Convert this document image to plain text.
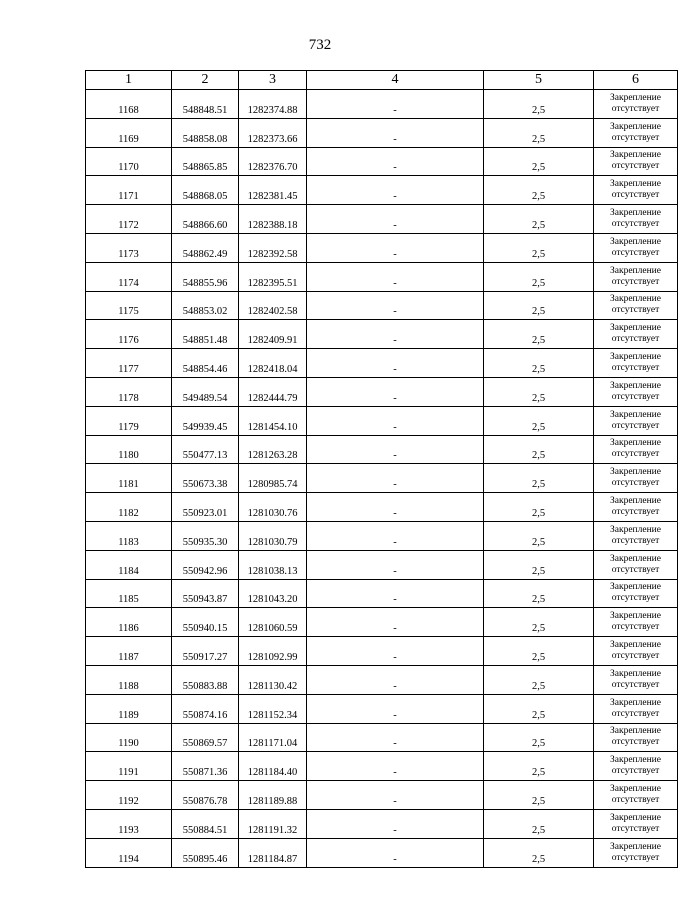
732
1	2	3	4	5	6
1168	548848.51	1282374.88	-	2,5	Закрепление отсутствует
1169	548858.08	1282373.66	-	2,5	Закрепление отсутствует
1170	548865.85	1282376.70	-	2,5	Закрепление отсутствует
1171	548868.05	1282381.45	-	2,5	Закрепление отсутствует
1172	548866.60	1282388.18	-	2,5	Закрепление отсутствует
1173	548862.49	1282392.58	-	2,5	Закрепление отсутствует
1174	548855.96	1282395.51	-	2,5	Закрепление отсутствует
1175	548853.02	1282402.58	-	2,5	Закрепление отсутствует
1176	548851.48	1282409.91	-	2,5	Закрепление отсутствует
1177	548854.46	1282418.04	-	2,5	Закрепление отсутствует
1178	549489.54	1282444.79	-	2,5	Закрепление отсутствует
1179	549939.45	1281454.10	-	2,5	Закрепление отсутствует
1180	550477.13	1281263.28	-	2,5	Закрепление отсутствует
1181	550673.38	1280985.74	-	2,5	Закрепление отсутствует
1182	550923.01	1281030.76	-	2,5	Закрепление отсутствует
1183	550935.30	1281030.79	-	2,5	Закрепление отсутствует
1184	550942.96	1281038.13	-	2,5	Закрепление отсутствует
1185	550943.87	1281043.20	-	2,5	Закрепление отсутствует
1186	550940.15	1281060.59	-	2,5	Закрепление отсутствует
1187	550917.27	1281092.99	-	2,5	Закрепление отсутствует
1188	550883.88	1281130.42	-	2,5	Закрепление отсутствует
1189	550874.16	1281152.34	-	2,5	Закрепление отсутствует
1190	550869.57	1281171.04	-	2,5	Закрепление отсутствует
1191	550871.36	1281184.40	-	2,5	Закрепление отсутствует
1192	550876.78	1281189.88	-	2,5	Закрепление отсутствует
1193	550884.51	1281191.32	-	2,5	Закрепление отсутствует
1194	550895.46	1281184.87	-	2,5	Закрепление отсутствует
